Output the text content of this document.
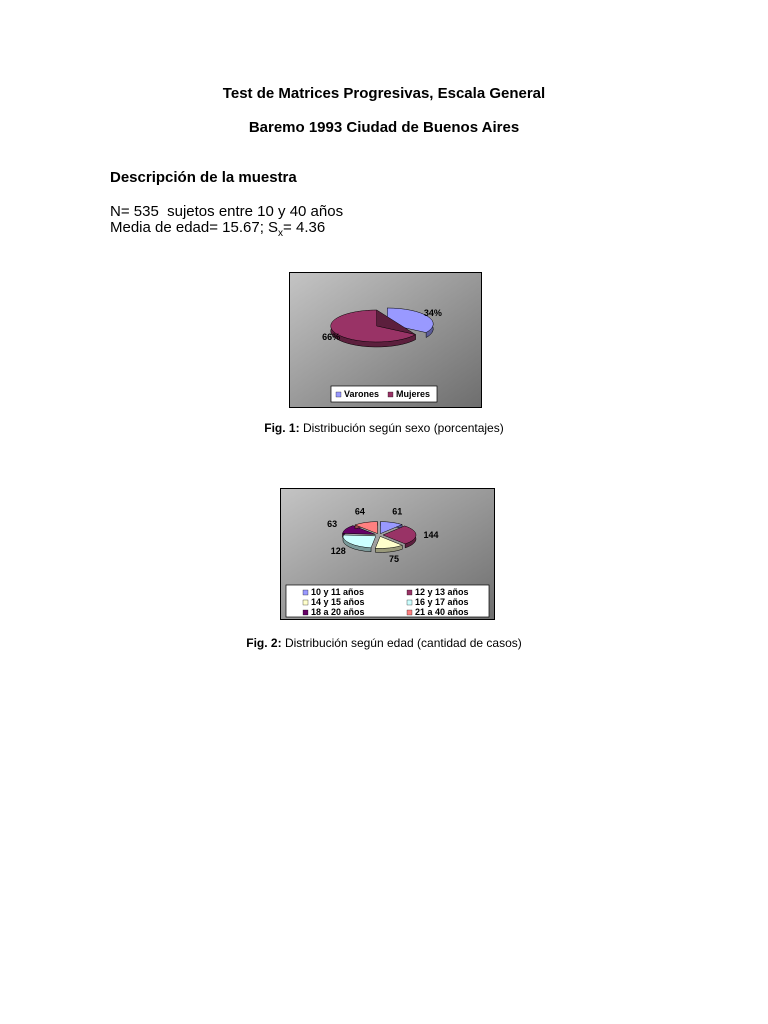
Test de Matrices Progresivas, Escala General
Baremo 1993 Ciudad de Buenos Aires
Descripción de la muestra
N= 535  sujetos entre 10 y 40 años
Media de edad= 15.67; $S_x= 4.36$
34%
66%
Varones Mujeres
Fig. 1: Distribución según sexo (porcentajes)
61
144
75
128
63
64
10 y 11 años	12 y 13 años
14 y 15 años	16 y 17 años
18 a 20 años	21 a 40 años
Fig. 2: Distribución según edad (cantidad de casos)
